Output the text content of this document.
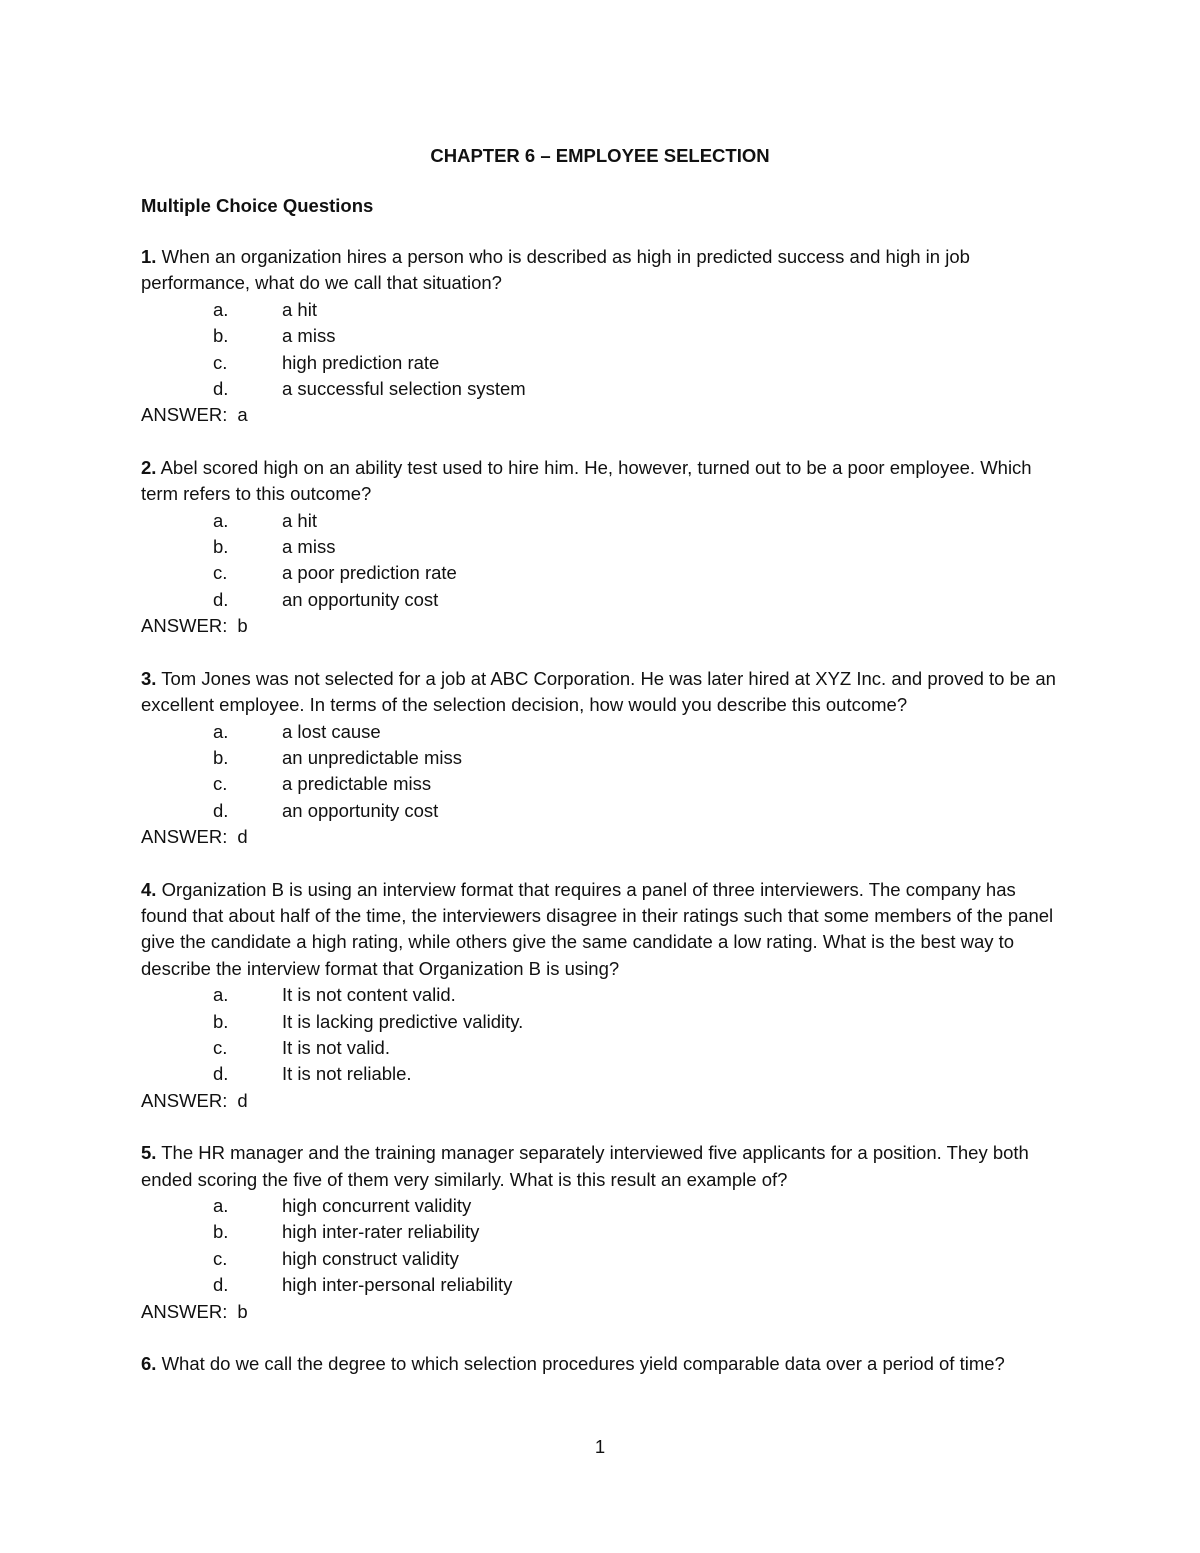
CHAPTER 6 – EMPLOYEE SELECTION
Multiple Choice Questions
1. When an organization hires a person who is described as high in predicted success and high in job performance, what do we call that situation?
a.	a hit
b.	a miss
c.	high prediction rate
d.	a successful selection system
ANSWER: a
2. Abel scored high on an ability test used to hire him. He, however, turned out to be a poor employee. Which term refers to this outcome?
a.	a hit
b.	a miss
c.	a poor prediction rate
d.	an opportunity cost
ANSWER: b
3. Tom Jones was not selected for a job at ABC Corporation. He was later hired at XYZ Inc. and proved to be an excellent employee. In terms of the selection decision, how would you describe this outcome?
a.	a lost cause
b.	an unpredictable miss
c.	a predictable miss
d.	an opportunity cost
ANSWER: d
4. Organization B is using an interview format that requires a panel of three interviewers. The company has found that about half of the time, the interviewers disagree in their ratings such that some members of the panel give the candidate a high rating, while others give the same candidate a low rating. What is the best way to describe the interview format that Organization B is using?
a.	It is not content valid.
b.	It is lacking predictive validity.
c.	It is not valid.
d.	It is not reliable.
ANSWER: d
5. The HR manager and the training manager separately interviewed five applicants for a position. They both ended scoring the five of them very similarly. What is this result an example of?
a.	high concurrent validity
b.	high inter-rater reliability
c.	high construct validity
d.	high inter-personal reliability
ANSWER: b
6. What do we call the degree to which selection procedures yield comparable data over a period of time?
1
